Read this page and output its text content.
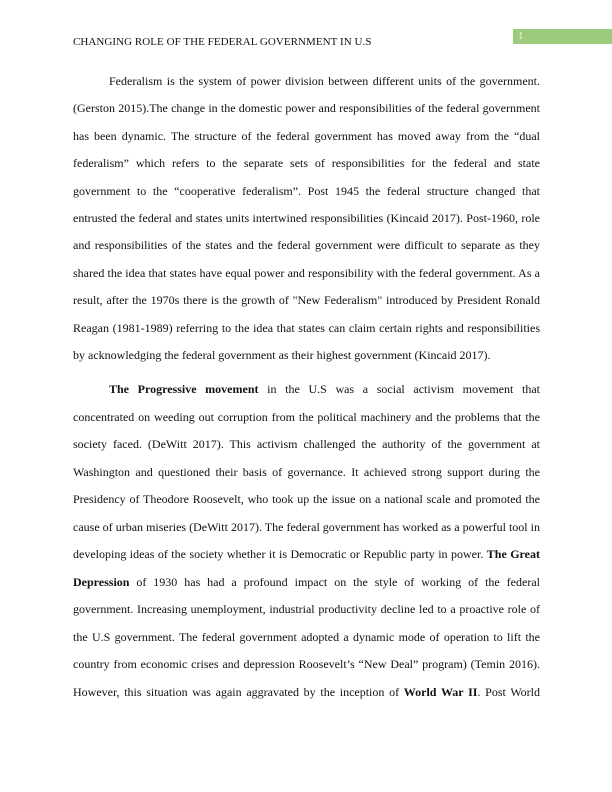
CHANGING ROLE OF THE FEDERAL GOVERNMENT IN U.S	1
Federalism is the system of power division between different units of the government.
(Gerston 2015).The change in the domestic power and responsibilities of the federal government
has been dynamic. The structure of the federal government has moved away from the “dual
federalism” which refers to the separate sets of responsibilities for the federal and state
government to the “cooperative federalism”. Post 1945 the federal structure changed that
entrusted the federal and states units intertwined responsibilities (Kincaid 2017). Post-1960, role
and responsibilities of the states and the federal government were difficult to separate as they
shared the idea that states have equal power and responsibility with the federal government. As a
result, after the 1970s there is the growth of "New Federalism" introduced by President Ronald
Reagan (1981-1989) referring to the idea that states can claim certain rights and responsibilities
by acknowledging the federal government as their highest government (Kincaid 2017).
The Progressive movement in the U.S was a social activism movement that
concentrated on weeding out corruption from the political machinery and the problems that the
society faced. (DeWitt 2017). This activism challenged the authority of the government at
Washington and questioned their basis of governance. It achieved strong support during the
Presidency of Theodore Roosevelt, who took up the issue on a national scale and promoted the
cause of urban miseries (DeWitt 2017). The federal government has worked as a powerful tool in
developing ideas of the society whether it is Democratic or Republic party in power. The Great
Depression of 1930 has had a profound impact on the style of working of the federal
government. Increasing unemployment, industrial productivity decline led to a proactive role of
the U.S government. The federal government adopted a dynamic mode of operation to lift the
country from economic crises and depression Roosevelt’s “New Deal” program) (Temin 2016).
However, this situation was again aggravated by the inception of World War II. Post World
